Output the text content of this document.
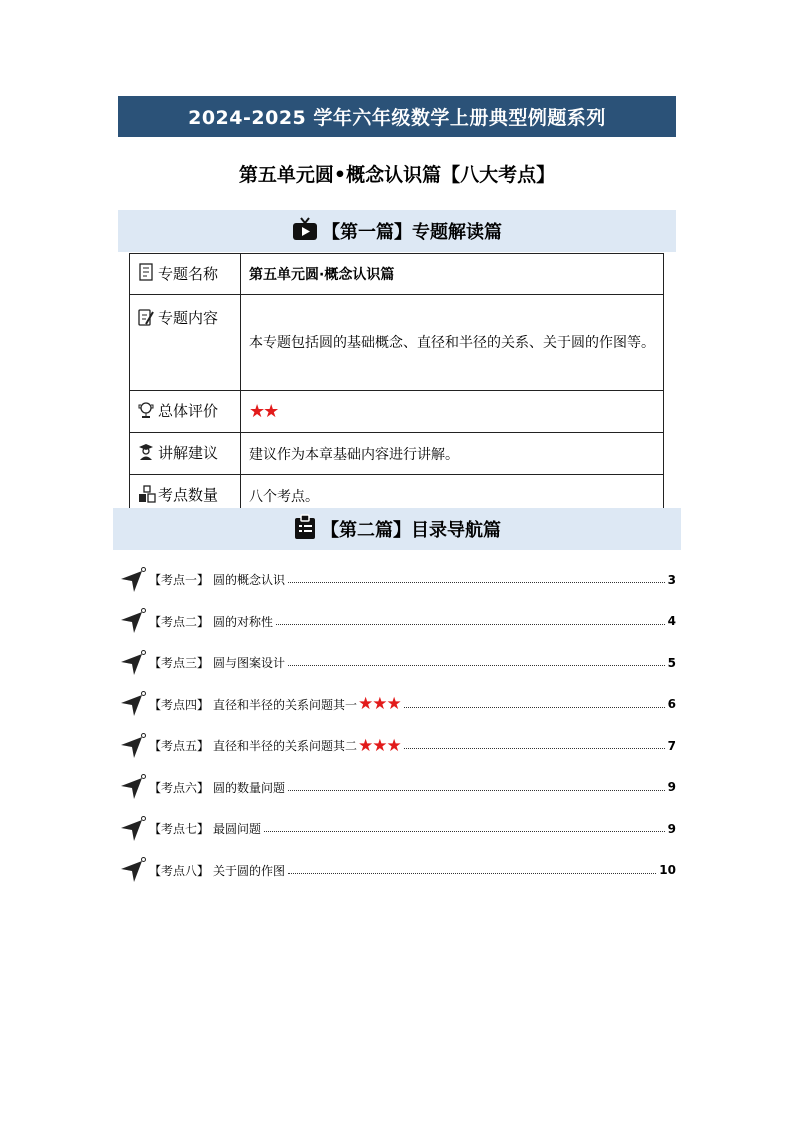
2024-2025 学年六年级数学上册典型例题系列
第五单元圆•概念认识篇【八大考点】
【第一篇】专题解读篇
专题名称	第五单元圆·概念认识篇
专题内容	本专题包括圆的基础概念、直径和半径的关系、关于圆的作图等。
总体评价	★★
讲解建议	建议作为本章基础内容进行讲解。
考点数量	八个考点。
【第二篇】目录导航篇
【考点一】 圆的概念认识	3
【考点二】 圆的对称性	4
【考点三】 圆与图案设计	5
【考点四】 直径和半径的关系问题其一 ★★★	6
【考点五】 直径和半径的关系问题其二 ★★★	7
【考点六】 圆的数量问题	9
【考点七】 最圆问题	9
【考点八】 关于圆的作图	10
